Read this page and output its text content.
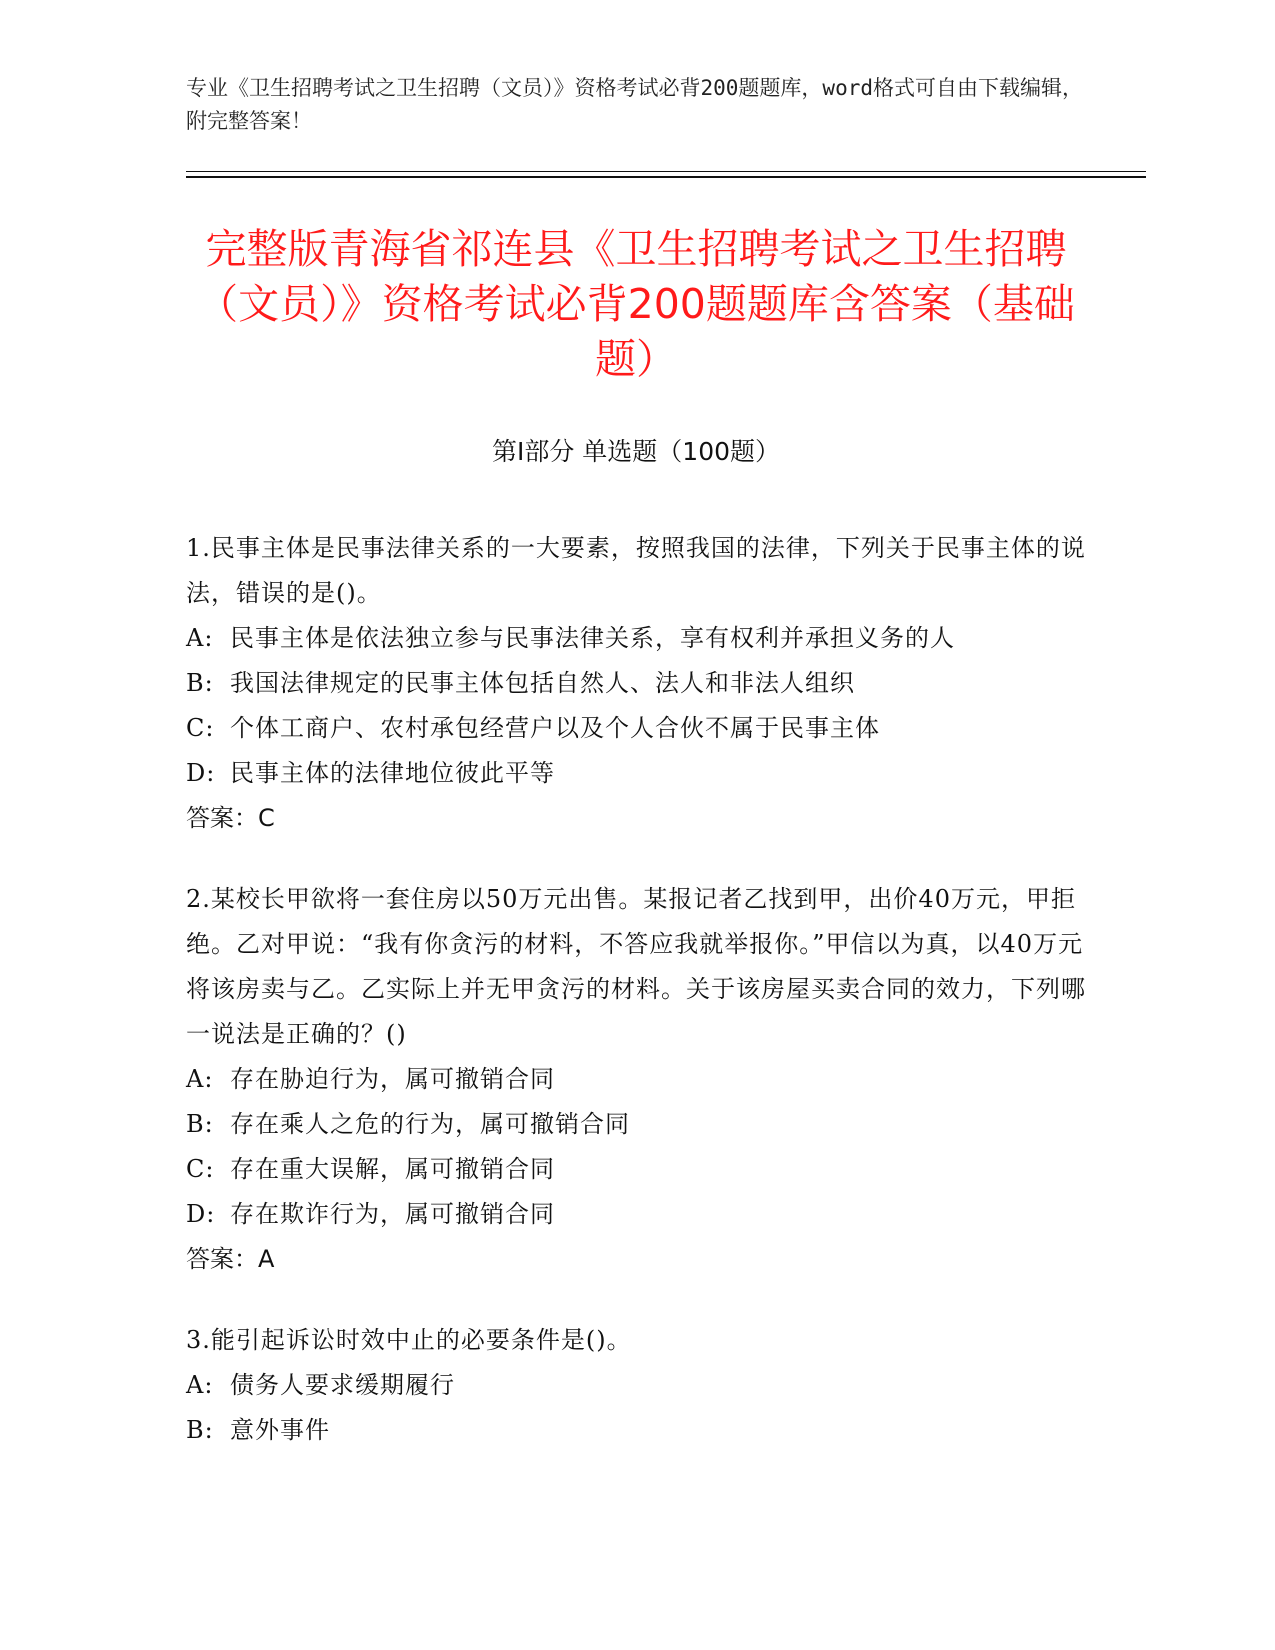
专业《卫生招聘考试之卫生招聘（文员）》资格考试必背200题题库，word格式可自由下载编辑，附完整答案！
完整版青海省祁连县《卫生招聘考试之卫生招聘（文员）》资格考试必背200题题库含答案（基础题）
第Ⅰ部分 单选题（100题）
1.民事主体是民事法律关系的一大要素，按照我国的法律，下列关于民事主体的说法，错误的是()。
A: 民事主体是依法独立参与民事法律关系，享有权利并承担义务的人
B: 我国法律规定的民事主体包括自然人、法人和非法人组织
C: 个体工商户、农村承包经营户以及个人合伙不属于民事主体
D: 民事主体的法律地位彼此平等
答案：C
2.某校长甲欲将一套住房以50万元出售。某报记者乙找到甲，出价40万元，甲拒绝。乙对甲说：“我有你贪污的材料，不答应我就举报你。”甲信以为真，以40万元将该房卖与乙。乙实际上并无甲贪污的材料。关于该房屋买卖合同的效力，下列哪一说法是正确的？()
A: 存在胁迫行为，属可撤销合同
B: 存在乘人之危的行为，属可撤销合同
C: 存在重大误解，属可撤销合同
D: 存在欺诈行为，属可撤销合同
答案：A
3.能引起诉讼时效中止的必要条件是()。
A: 债务人要求缓期履行
B: 意外事件
